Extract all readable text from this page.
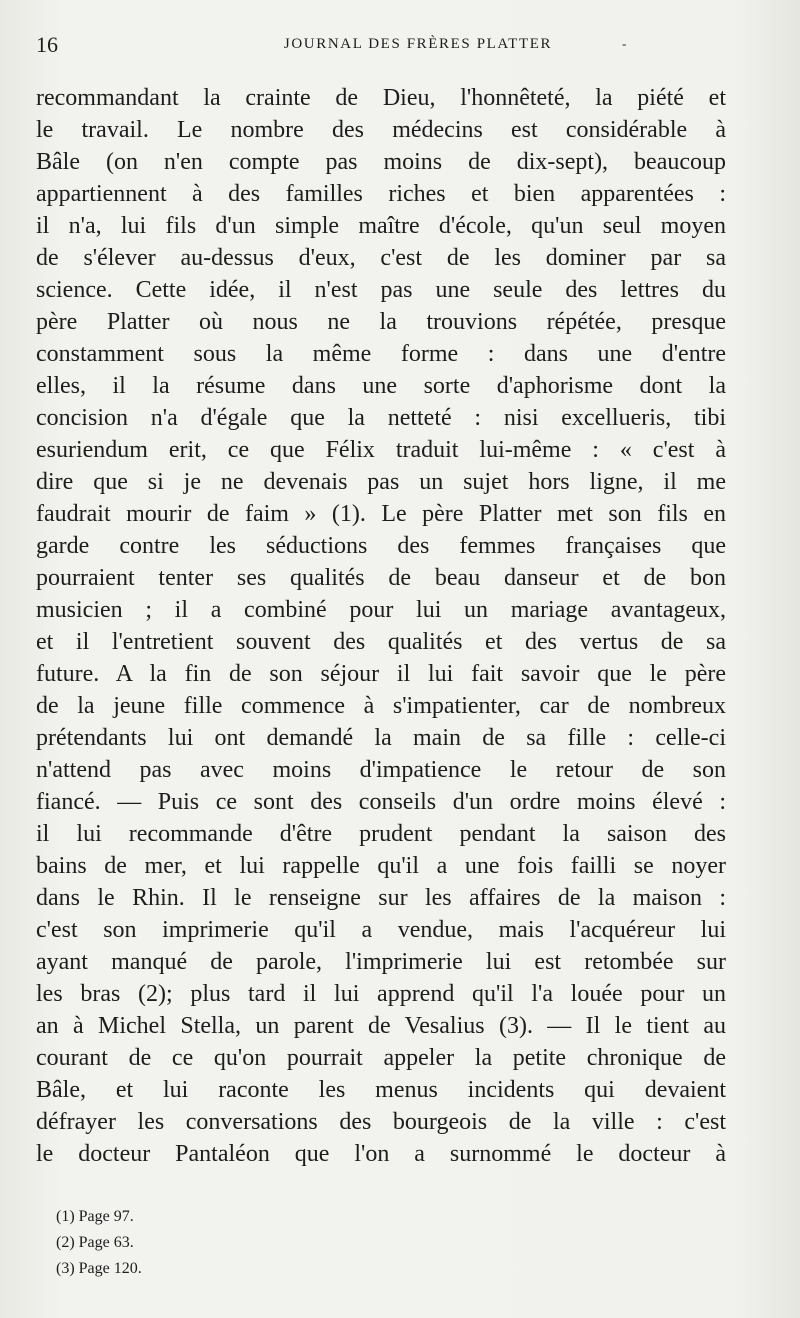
16	JOURNAL DES FRÈRES PLATTER	-
recommandant la crainte de Dieu, l'honnêteté, la piété et
le travail. Le nombre des médecins est considérable à
Bâle (on n'en compte pas moins de dix-sept), beaucoup
appartiennent à des familles riches et bien apparentées :
il n'a, lui fils d'un simple maître d'école, qu'un seul moyen
de s'élever au-dessus d'eux, c'est de les dominer par sa
science. Cette idée, il n'est pas une seule des lettres du
père Platter où nous ne la trouvions répétée, presque
constamment sous la même forme : dans une d'entre
elles, il la résume dans une sorte d'aphorisme dont la
concision n'a d'égale que la netteté : nisi excellueris, tibi
esuriendum erit, ce que Félix traduit lui-même : « c'est à
dire que si je ne devenais pas un sujet hors ligne, il me
faudrait mourir de faim » (1). Le père Platter met son fils en
garde contre les séductions des femmes françaises que
pourraient tenter ses qualités de beau danseur et de bon
musicien ; il a combiné pour lui un mariage avantageux,
et il l'entretient souvent des qualités et des vertus de sa
future. A la fin de son séjour il lui fait savoir que le père
de la jeune fille commence à s'impatienter, car de nombreux
prétendants lui ont demandé la main de sa fille : celle-ci
n'attend pas avec moins d'impatience le retour de son
fiancé. — Puis ce sont des conseils d'un ordre moins élevé :
il lui recommande d'être prudent pendant la saison des
bains de mer, et lui rappelle qu'il a une fois failli se noyer
dans le Rhin. Il le renseigne sur les affaires de la maison :
c'est son imprimerie qu'il a vendue, mais l'acquéreur lui
ayant manqué de parole, l'imprimerie lui est retombée sur
les bras (2); plus tard il lui apprend qu'il l'a louée pour un
an à Michel Stella, un parent de Vesalius (3). — Il le tient au
courant de ce qu'on pourrait appeler la petite chronique de
Bâle, et lui raconte les menus incidents qui devaient
défrayer les conversations des bourgeois de la ville : c'est
le docteur Pantaléon que l'on a surnommé le docteur à
(1) Page 97.
(2) Page 63.
(3) Page 120.
